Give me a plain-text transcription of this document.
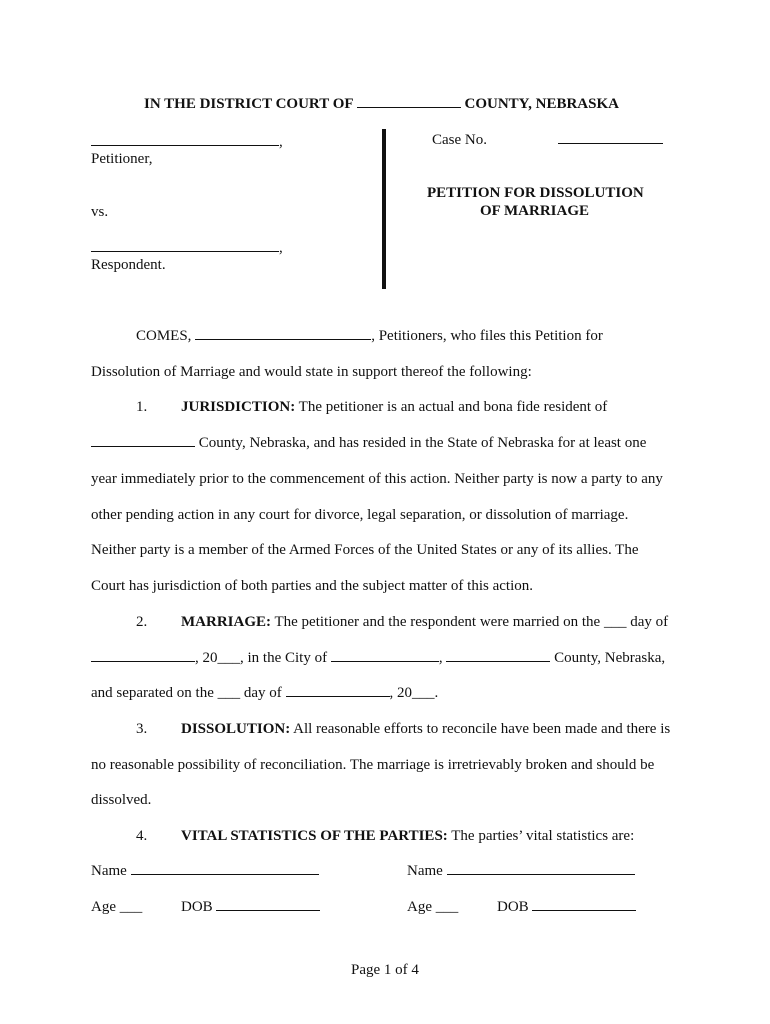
IN THE DISTRICT COURT OF	COUNTY, NEBRASKA
,
Petitioner,
vs.
,
Respondent.
Case No.
PETITION FOR DISSOLUTION
OF MARRIAGE
COMES,	, Petitioners, who files this Petition for
Dissolution of Marriage and would state in support thereof the following:
1. JURISDICTION: The petitioner is an actual and bona fide resident of
County, Nebraska, and has resided in the State of Nebraska for at least one
year immediately prior to the commencement of this action. Neither party is now a party to any
other pending action in any court for divorce, legal separation, or dissolution of marriage.
Neither party is a member of the Armed Forces of the United States or any of its allies. The
Court has jurisdiction of both parties and the subject matter of this action.
2. MARRIAGE: The petitioner and the respondent were married on the ___ day of
, 20___, in the City of	,	County, Nebraska,
and separated on the ___ day of	, 20___.
3. DISSOLUTION: All reasonable efforts to reconcile have been made and there is
no reasonable possibility of reconciliation. The marriage is irretrievably broken and should be
dissolved.
4. VITAL STATISTICS OF THE PARTIES: The parties’ vital statistics are:
Name	Name
Age ___	DOB	Age ___	DOB
Page 1 of 4
